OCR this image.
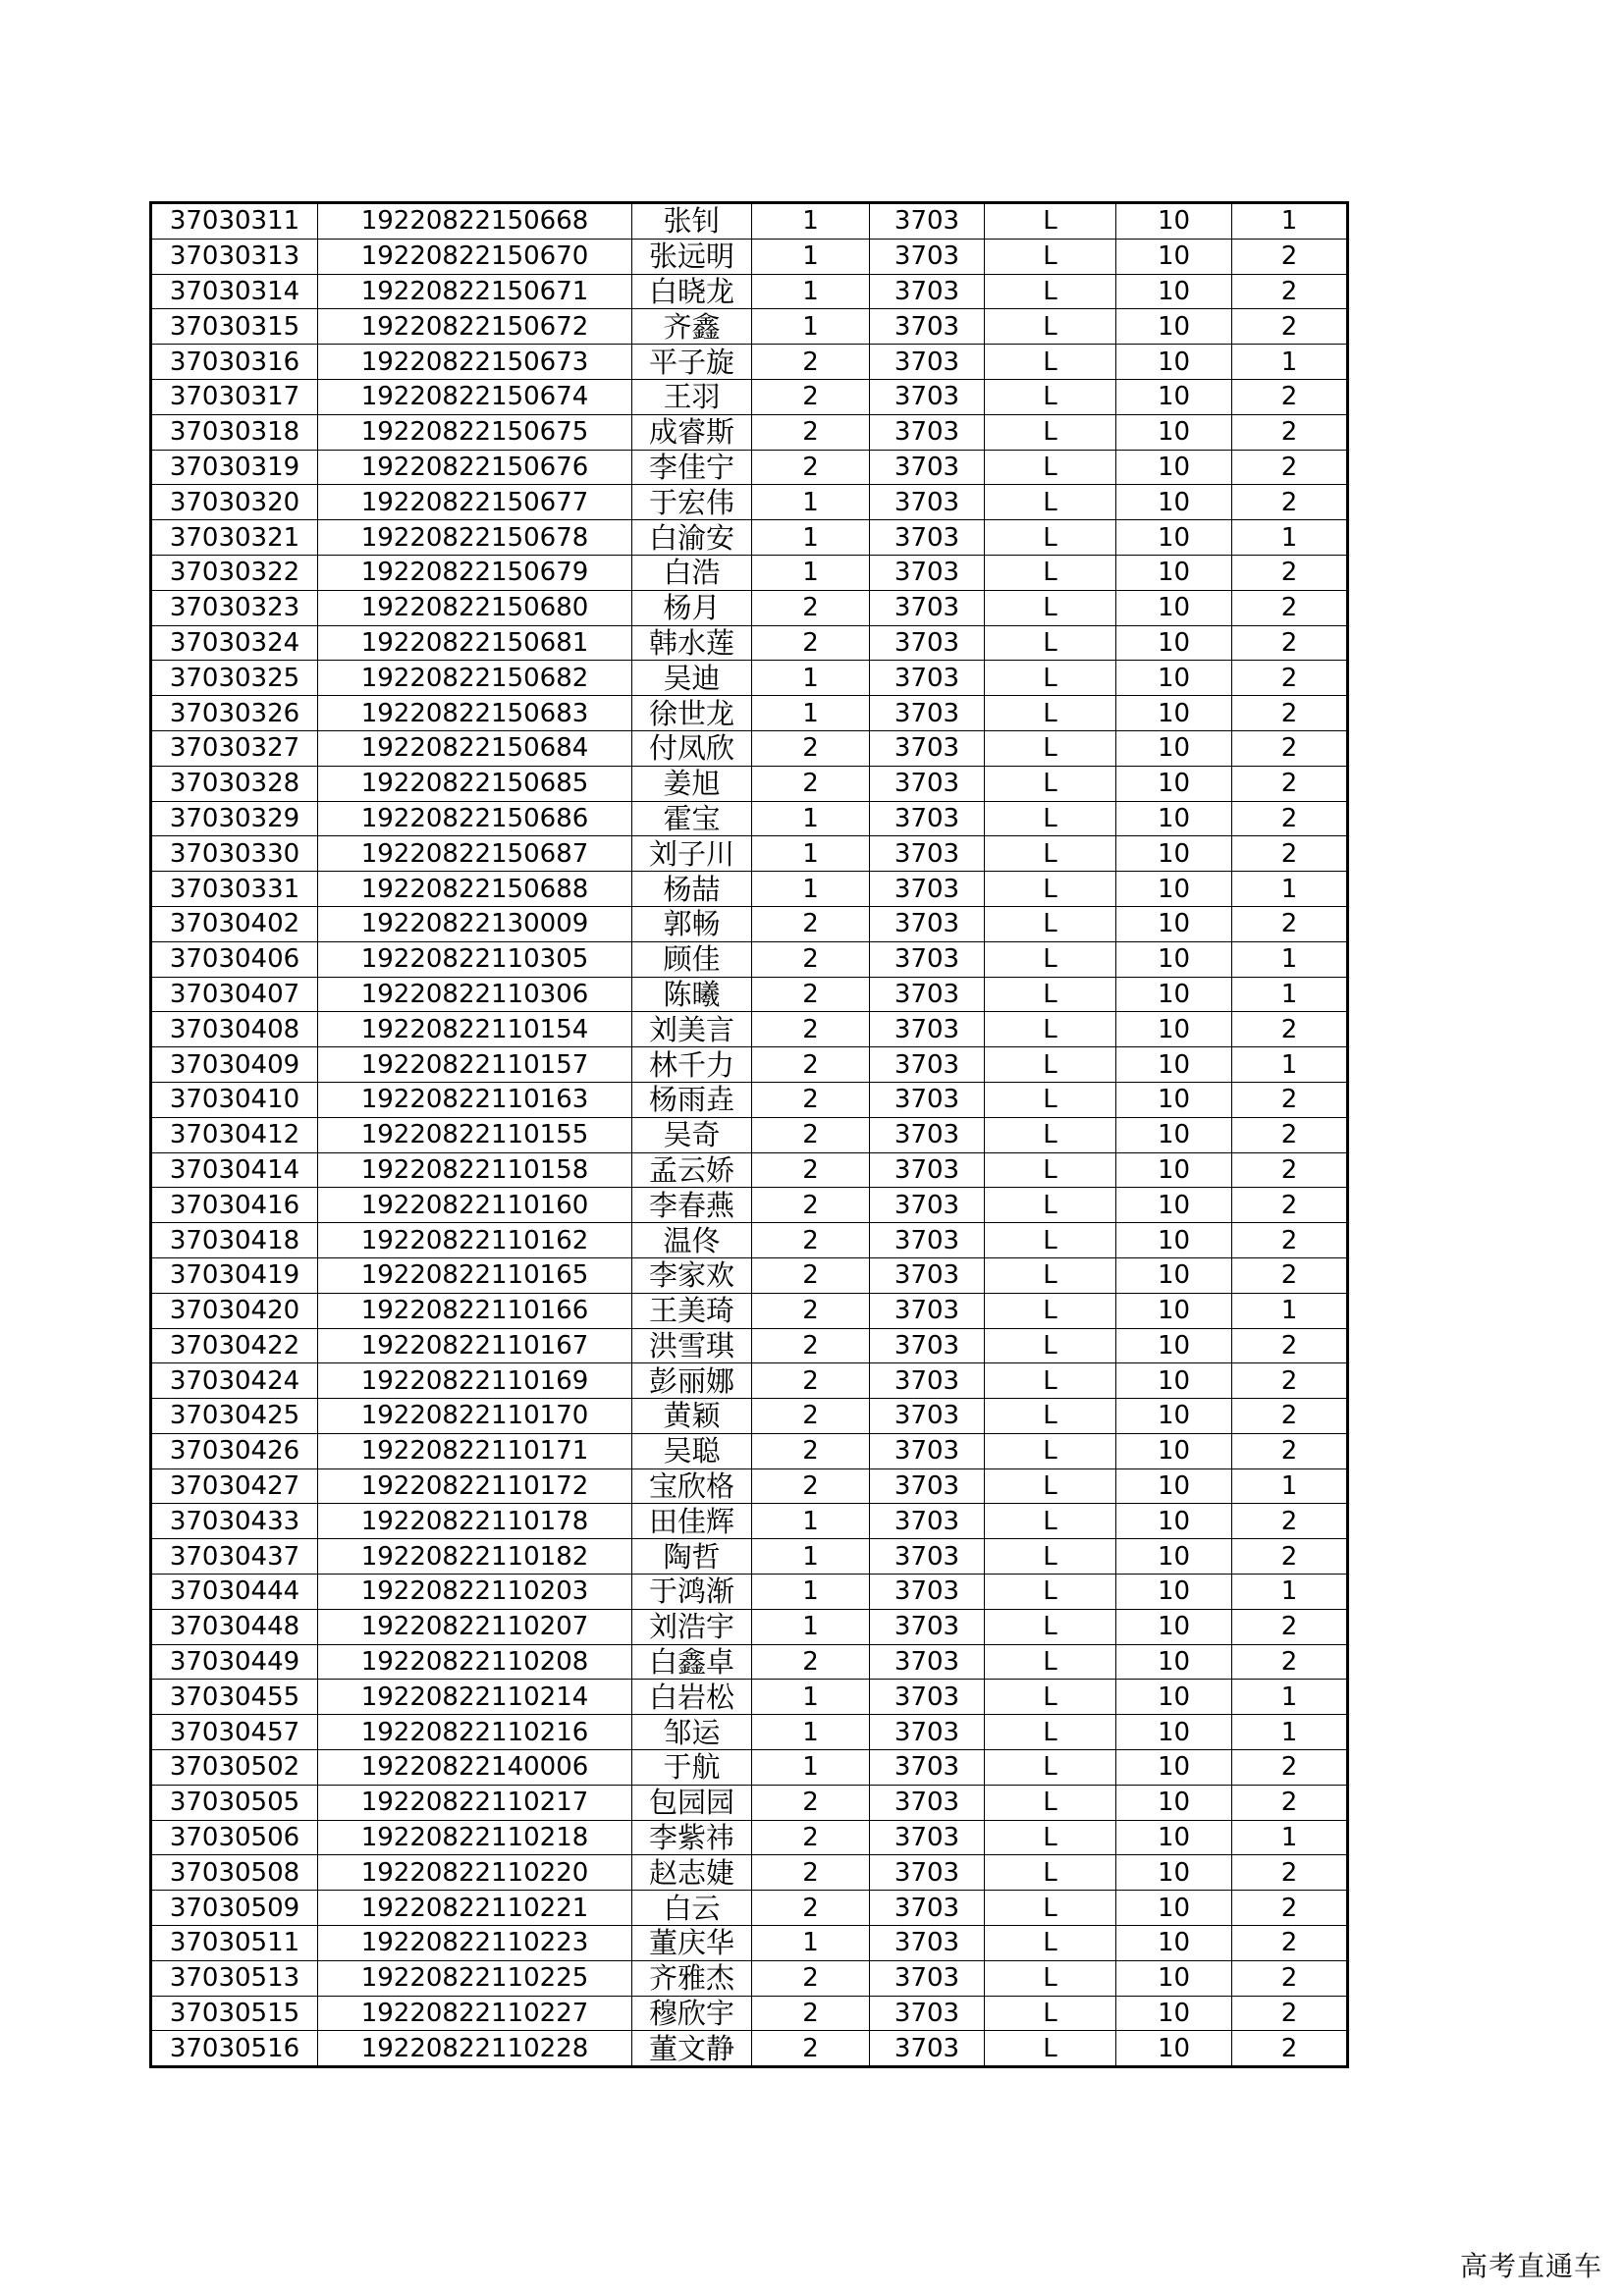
37030311	19220822150668	张钊	1	3703	L	10	1
37030313	19220822150670	张远明	1	3703	L	10	2
37030314	19220822150671	白晓龙	1	3703	L	10	2
37030315	19220822150672	齐鑫	1	3703	L	10	2
37030316	19220822150673	平子旋	2	3703	L	10	1
37030317	19220822150674	王羽	2	3703	L	10	2
37030318	19220822150675	成睿斯	2	3703	L	10	2
37030319	19220822150676	李佳宁	2	3703	L	10	2
37030320	19220822150677	于宏伟	1	3703	L	10	2
37030321	19220822150678	白渝安	1	3703	L	10	1
37030322	19220822150679	白浩	1	3703	L	10	2
37030323	19220822150680	杨月	2	3703	L	10	2
37030324	19220822150681	韩水莲	2	3703	L	10	2
37030325	19220822150682	吴迪	1	3703	L	10	2
37030326	19220822150683	徐世龙	1	3703	L	10	2
37030327	19220822150684	付凤欣	2	3703	L	10	2
37030328	19220822150685	姜旭	2	3703	L	10	2
37030329	19220822150686	霍宝	1	3703	L	10	2
37030330	19220822150687	刘子川	1	3703	L	10	2
37030331	19220822150688	杨喆	1	3703	L	10	1
37030402	19220822130009	郭畅	2	3703	L	10	2
37030406	19220822110305	顾佳	2	3703	L	10	1
37030407	19220822110306	陈曦	2	3703	L	10	1
37030408	19220822110154	刘美言	2	3703	L	10	2
37030409	19220822110157	林千力	2	3703	L	10	1
37030410	19220822110163	杨雨垚	2	3703	L	10	2
37030412	19220822110155	吴奇	2	3703	L	10	2
37030414	19220822110158	孟云娇	2	3703	L	10	2
37030416	19220822110160	李春燕	2	3703	L	10	2
37030418	19220822110162	温佟	2	3703	L	10	2
37030419	19220822110165	李家欢	2	3703	L	10	2
37030420	19220822110166	王美琦	2	3703	L	10	1
37030422	19220822110167	洪雪琪	2	3703	L	10	2
37030424	19220822110169	彭丽娜	2	3703	L	10	2
37030425	19220822110170	黄颖	2	3703	L	10	2
37030426	19220822110171	吴聪	2	3703	L	10	2
37030427	19220822110172	宝欣格	2	3703	L	10	1
37030433	19220822110178	田佳辉	1	3703	L	10	2
37030437	19220822110182	陶哲	1	3703	L	10	2
37030444	19220822110203	于鸿渐	1	3703	L	10	1
37030448	19220822110207	刘浩宇	1	3703	L	10	2
37030449	19220822110208	白鑫卓	2	3703	L	10	2
37030455	19220822110214	白岩松	1	3703	L	10	1
37030457	19220822110216	邹运	1	3703	L	10	1
37030502	19220822140006	于航	1	3703	L	10	2
37030505	19220822110217	包园园	2	3703	L	10	2
37030506	19220822110218	李紫祎	2	3703	L	10	1
37030508	19220822110220	赵志婕	2	3703	L	10	2
37030509	19220822110221	白云	2	3703	L	10	2
37030511	19220822110223	董庆华	1	3703	L	10	2
37030513	19220822110225	齐雅杰	2	3703	L	10	2
37030515	19220822110227	穆欣宇	2	3703	L	10	2
37030516	19220822110228	董文静	2	3703	L	10	2
高考直通车
